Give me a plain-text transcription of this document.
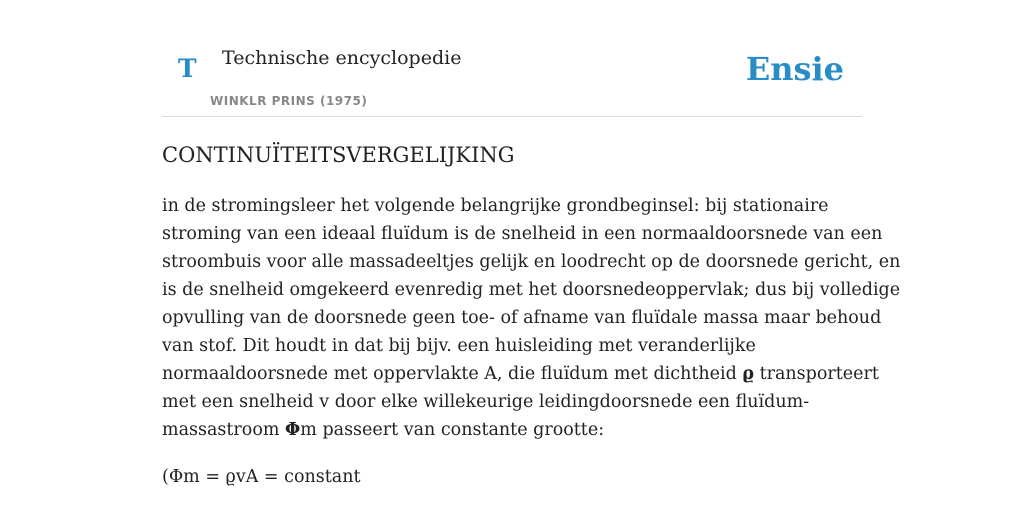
T Technische encyclopedie
WINKLR PRINS (1975)
Ensie
CONTINUÏTEITSVERGELIJKING

in de stromingsleer het volgende belangrijke grondbeginsel: bij stationaire
stroming van een ideaal fluïdum is de snelheid in een normaaldoorsnede van een
stroombuis voor alle massadeeltjes gelijk en loodrecht op de doorsnede gericht, en
is de snelheid omgekeerd evenredig met het doorsnedeoppervlak; dus bij volledige
opvulling van de doorsnede geen toe- of afname van fluïdale massa maar behoud
van stof. Dit houdt in dat bij bijv. een huisleiding met veranderlijke
normaaldoorsnede met oppervlakte A, die fluïdum met dichtheid ϱ transporteert
met een snelheid v door elke willekeurige leidingdoorsnede een fluïdum-
massastroom Φm passeert van constante grootte:

(Φm = ϱvA = constant
